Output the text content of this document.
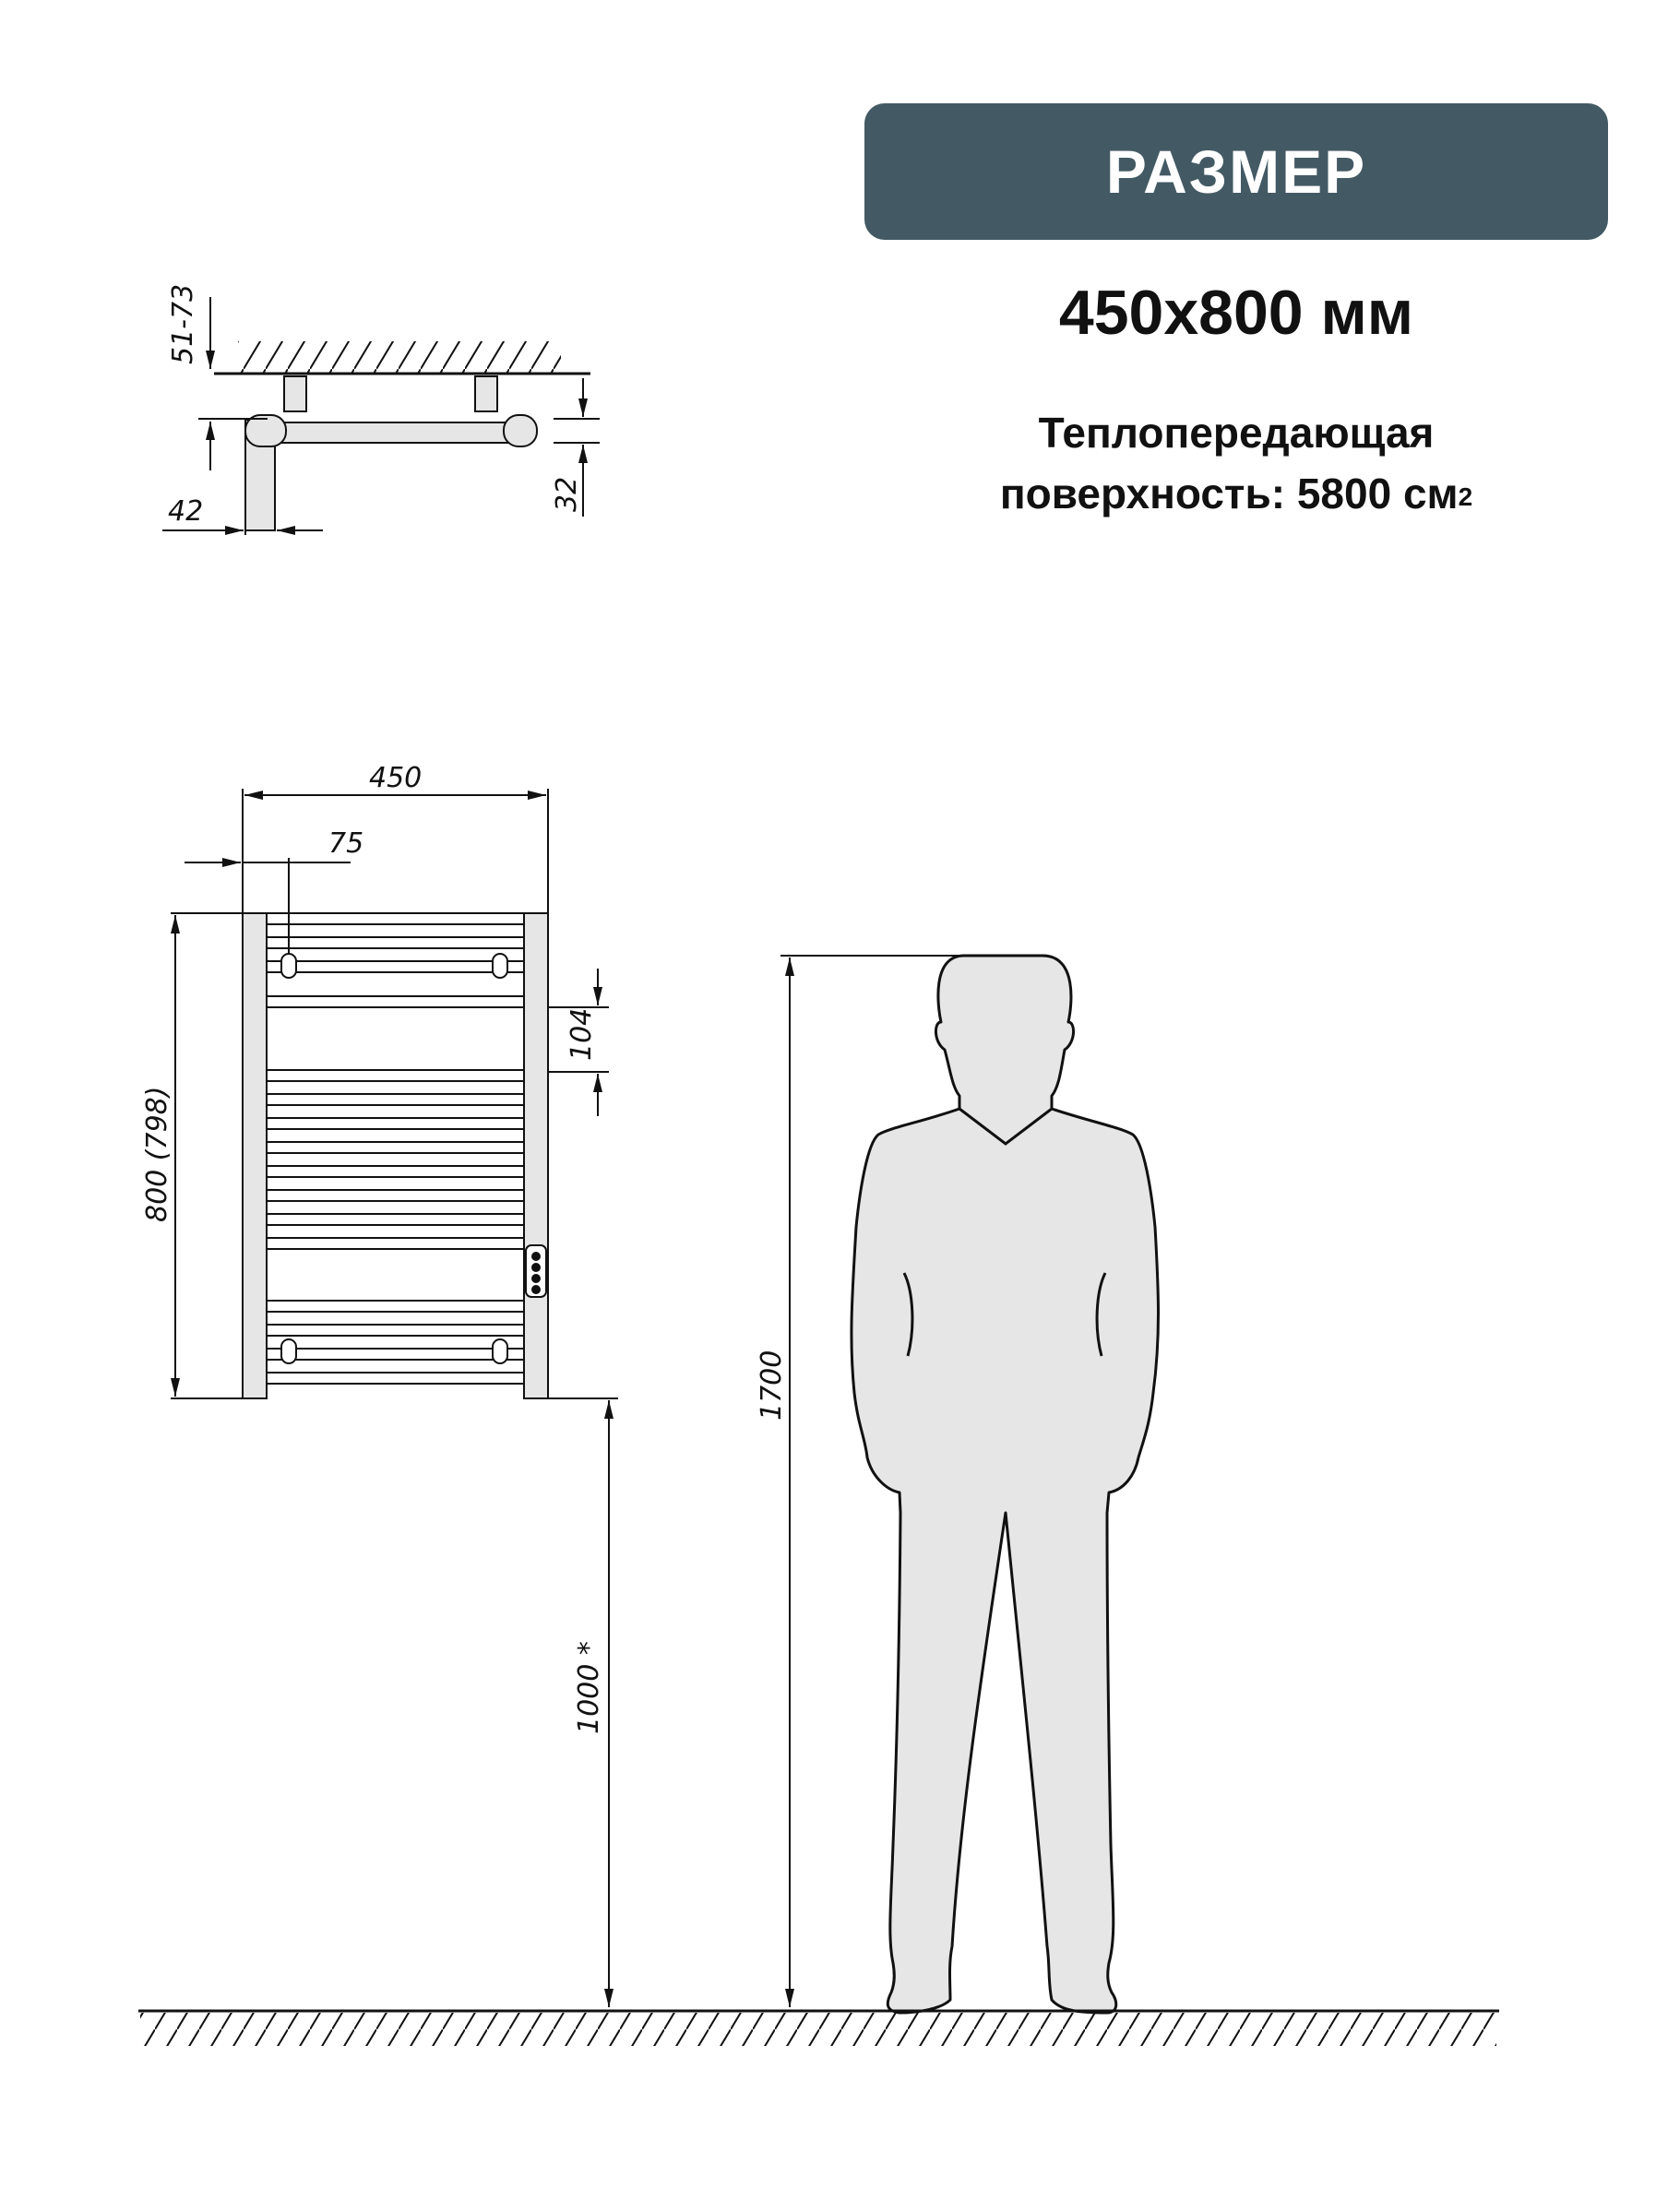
РАЗМЕР
450x800 мм
Теплопередающая
поверхность: 5800 $см^2$
51-73
42	32
450
75
800 (798)
104
1000 *
1700
